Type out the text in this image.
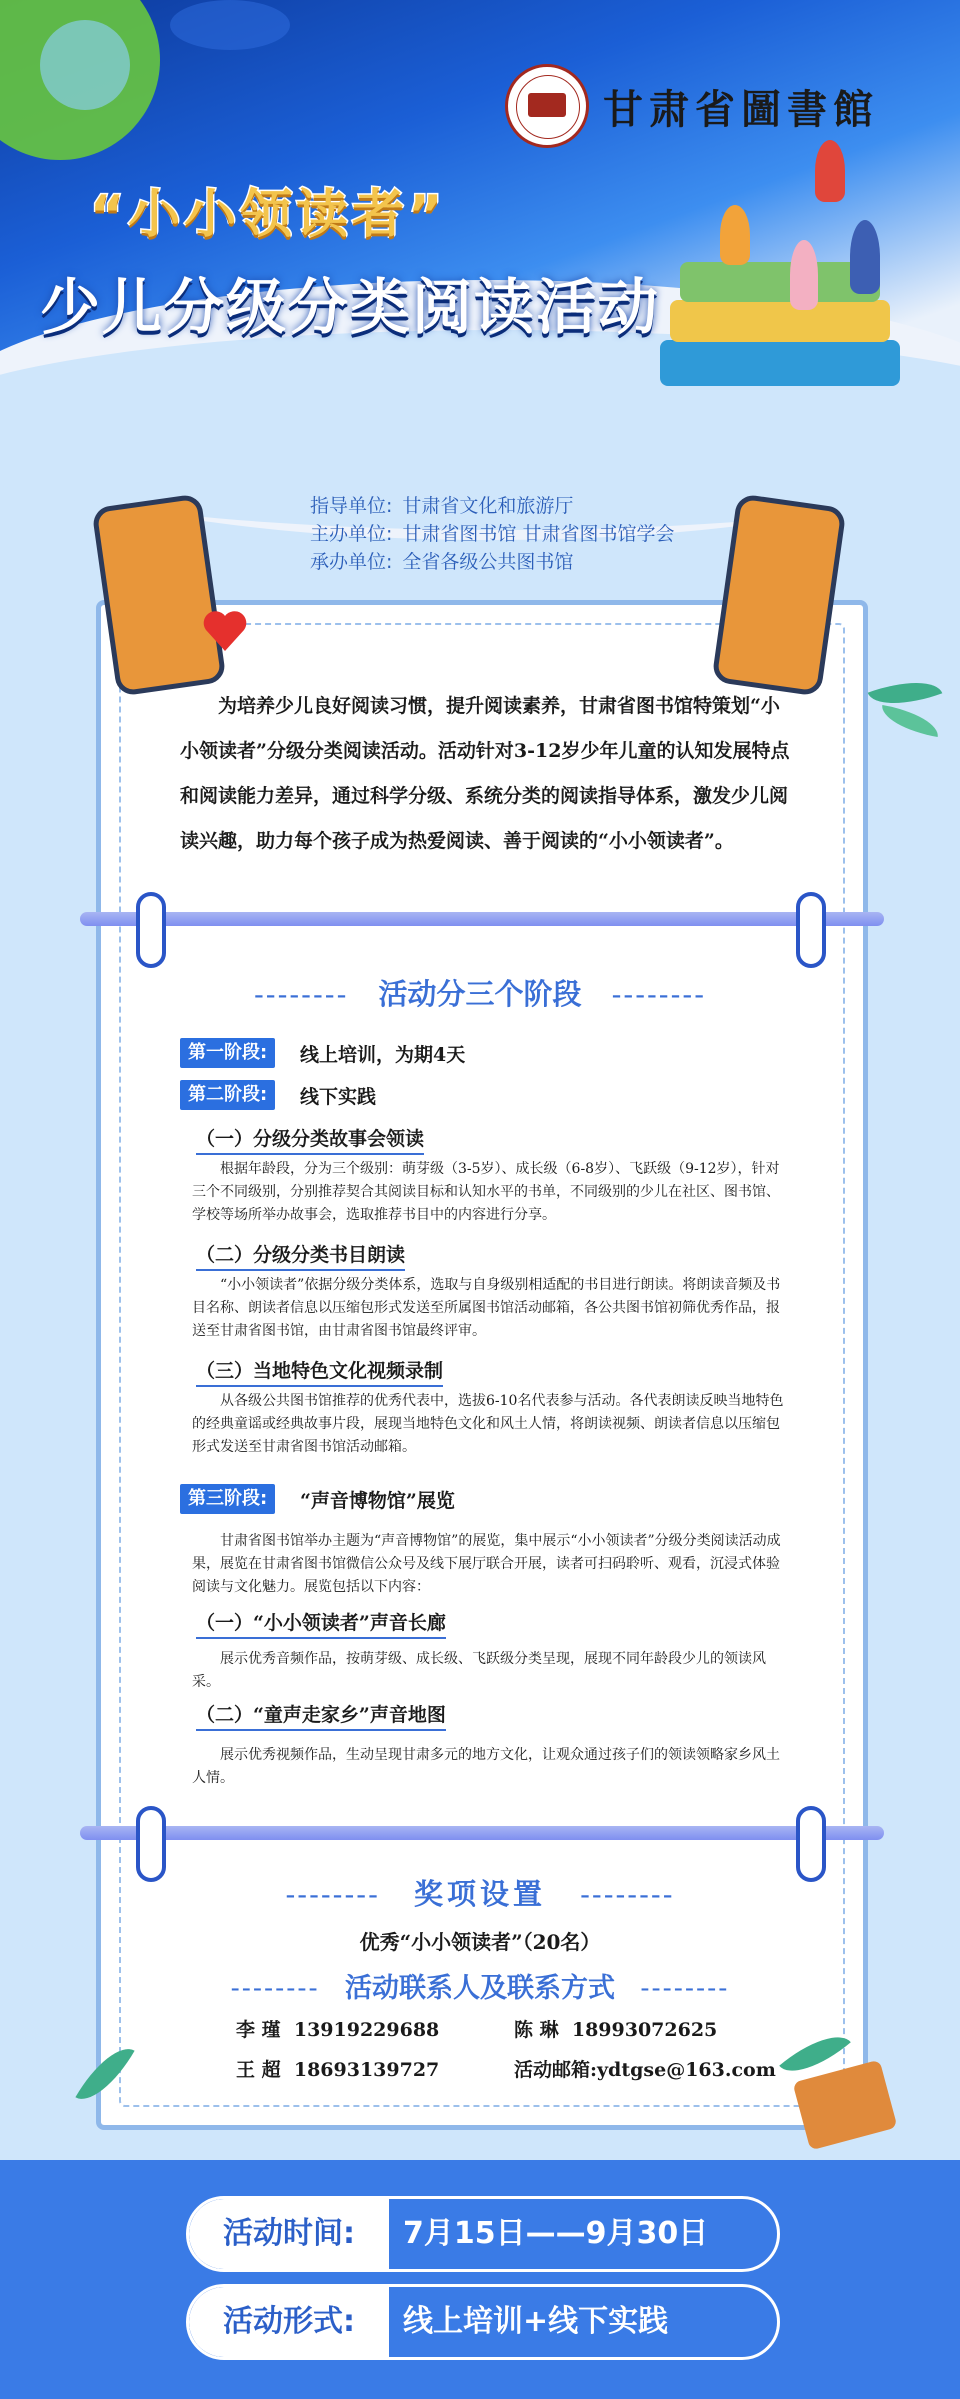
甘肃省圖書館
“小小领读者”
少儿分级分类阅读活动
指导单位: 甘肃省文化和旅游厅
主办单位: 甘肃省图书馆 甘肃省图书馆学会
承办单位: 全省各级公共图书馆
为培养少儿良好阅读习惯，提升阅读素养，甘肃省图书馆特策划“小小领读者”分级分类阅读活动。活动针对3-12岁少年儿童的认知发展特点和阅读能力差异，通过科学分级、系统分类的阅读指导体系，激发少儿阅读兴趣，助力每个孩子成为热爱阅读、善于阅读的“小小领读者”。
-------- 活动分三个阶段 --------
第一阶段:	线上培训，为期4天
第二阶段:	线下实践
（一）分级分类故事会领读
根据年龄段，分为三个级别：萌芽级（3-5岁）、成长级（6-8岁）、飞跃级（9-12岁），针对三个不同级别，分别推荐契合其阅读目标和认知水平的书单，不同级别的少儿在社区、图书馆、学校等场所举办故事会，选取推荐书目中的内容进行分享。
（二）分级分类书目朗读
“小小领读者”依据分级分类体系，选取与自身级别相适配的书目进行朗读。将朗读音频及书目名称、朗读者信息以压缩包形式发送至所属图书馆活动邮箱，各公共图书馆初筛优秀作品，报送至甘肃省图书馆，由甘肃省图书馆最终评审。
（三）当地特色文化视频录制
从各级公共图书馆推荐的优秀代表中，选拔6-10名代表参与活动。各代表朗读反映当地特色的经典童谣或经典故事片段，展现当地特色文化和风土人情，将朗读视频、朗读者信息以压缩包形式发送至甘肃省图书馆活动邮箱。
第三阶段:	“声音博物馆”展览
甘肃省图书馆举办主题为“声音博物馆”的展览，集中展示“小小领读者”分级分类阅读活动成果，展览在甘肃省图书馆微信公众号及线下展厅联合开展，读者可扫码聆听、观看，沉浸式体验阅读与文化魅力。展览包括以下内容：
（一）“小小领读者”声音长廊
展示优秀音频作品，按萌芽级、成长级、飞跃级分类呈现，展现不同年龄段少儿的领读风采。
（二）“童声走家乡”声音地图
展示优秀视频作品，生动呈现甘肃多元的地方文化，让观众通过孩子们的领读领略家乡风土人情。
-------- 奖项设置 --------
优秀“小小领读者”（20名）
-------- 活动联系人及联系方式 --------
李 瑾 13919229688	陈 琳 18993072625
王 超 18693139727	活动邮箱:ydtgse@163.com
活动时间:	7月15日——9月30日
活动形式:	线上培训+线下实践
